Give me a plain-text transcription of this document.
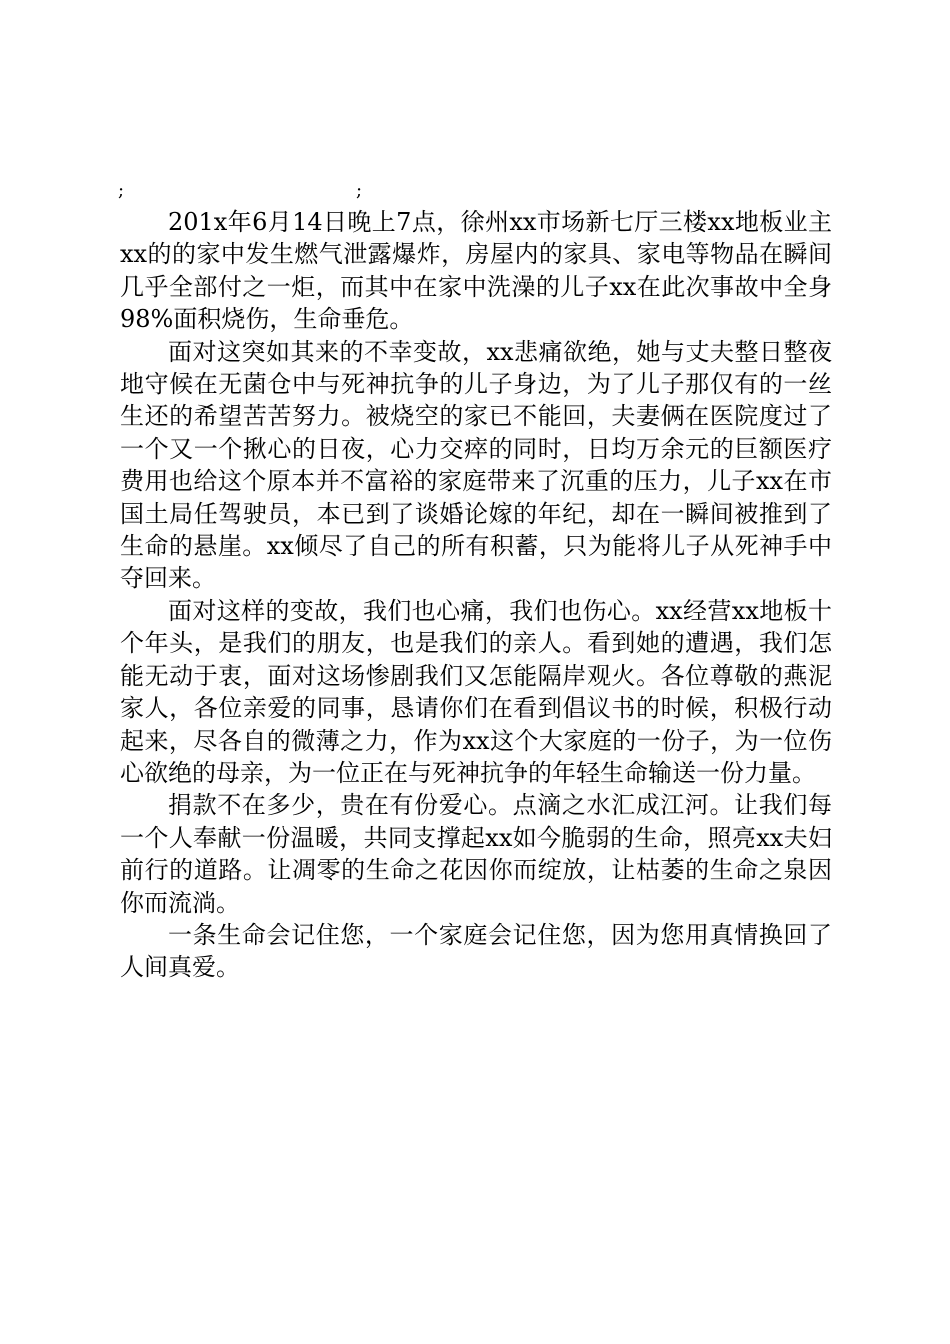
;	;

201x年6月14日晚上7点，徐州xx市场新七厅三楼xx地板业主xx的的家中发生燃气泄露爆炸，房屋内的家具、家电等物品在瞬间几乎全部付之一炬，而其中在家中洗澡的儿子xx在此次事故中全身98%面积烧伤，生命垂危。

面对这突如其来的不幸变故，xx悲痛欲绝，她与丈夫整日整夜地守候在无菌仓中与死神抗争的儿子身边，为了儿子那仅有的一丝生还的希望苦苦努力。被烧空的家已不能回，夫妻俩在医院度过了一个又一个揪心的日夜，心力交瘁的同时，日均万余元的巨额医疗费用也给这个原本并不富裕的家庭带来了沉重的压力，儿子xx在市国土局任驾驶员，本已到了谈婚论嫁的年纪，却在一瞬间被推到了生命的悬崖。xx倾尽了自己的所有积蓄，只为能将儿子从死神手中夺回来。

面对这样的变故，我们也心痛，我们也伤心。xx经营xx地板十个年头，是我们的朋友，也是我们的亲人。看到她的遭遇，我们怎能无动于衷，面对这场惨剧我们又怎能隔岸观火。各位尊敬的燕泥家人，各位亲爱的同事，恳请你们在看到倡议书的时候，积极行动起来，尽各自的微薄之力，作为xx这个大家庭的一份子，为一位伤心欲绝的母亲，为一位正在与死神抗争的年轻生命输送一份力量。

捐款不在多少，贵在有份爱心。点滴之水汇成江河。让我们每一个人奉献一份温暖，共同支撑起xx如今脆弱的生命，照亮xx夫妇前行的道路。让凋零的生命之花因你而绽放，让枯萎的生命之泉因你而流淌。

一条生命会记住您，一个家庭会记住您，因为您用真情换回了人间真爱。
